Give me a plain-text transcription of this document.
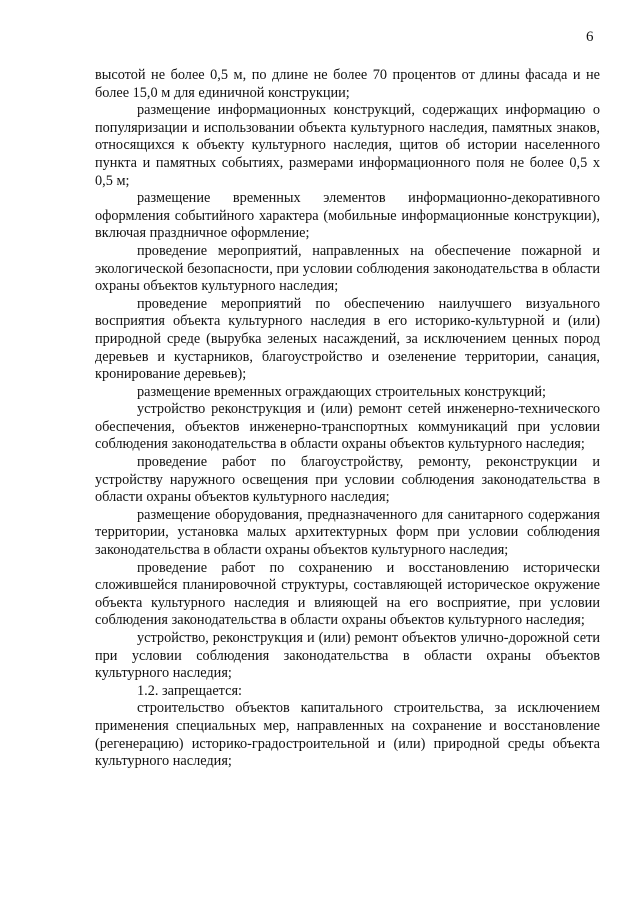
6

высотой не более 0,5 м, по длине не более 70 процентов от длины фасада и не более 15,0 м для единичной конструкции;

размещение информационных конструкций, содержащих информацию о популяризации и использовании объекта культурного наследия, памятных знаков, относящихся к объекту культурного наследия, щитов об истории населенного пункта и памятных событиях, размерами информационного поля не более 0,5 х 0,5 м;

размещение временных элементов информационно-декоративного оформления событийного характера (мобильные информационные конструкции), включая праздничное оформление;

проведение мероприятий, направленных на обеспечение пожарной и экологической безопасности, при условии соблюдения законодательства в области охраны объектов культурного наследия;

проведение мероприятий по обеспечению наилучшего визуального восприятия объекта культурного наследия в его историко-культурной и (или) природной среде (вырубка зеленых насаждений, за исключением ценных пород деревьев и кустарников, благоустройство и озеленение территории, санация, кронирование деревьев);

размещение временных ограждающих строительных конструкций;

устройство реконструкция и (или) ремонт сетей инженерно-технического обеспечения, объектов инженерно-транспортных коммуникаций при условии соблюдения законодательства в области охраны объектов культурного наследия;

проведение работ по благоустройству, ремонту, реконструкции и устройству наружного освещения при условии соблюдения законодательства в области охраны объектов культурного наследия;

размещение оборудования, предназначенного для санитарного содержания территории, установка малых архитектурных форм при условии соблюдения законодательства в области охраны объектов культурного наследия;

проведение работ по сохранению и восстановлению исторически сложившейся планировочной структуры, составляющей историческое окружение объекта культурного наследия и влияющей на его восприятие, при условии соблюдения законодательства в области охраны объектов культурного наследия;

устройство, реконструкция и (или) ремонт объектов улично-дорожной сети при условии соблюдения законодательства в области охраны объектов культурного наследия;

1.2. запрещается:

строительство объектов капитального строительства, за исключением применения специальных мер, направленных на сохранение и восстановление (регенерацию) историко-градостроительной и (или) природной среды объекта культурного наследия;
